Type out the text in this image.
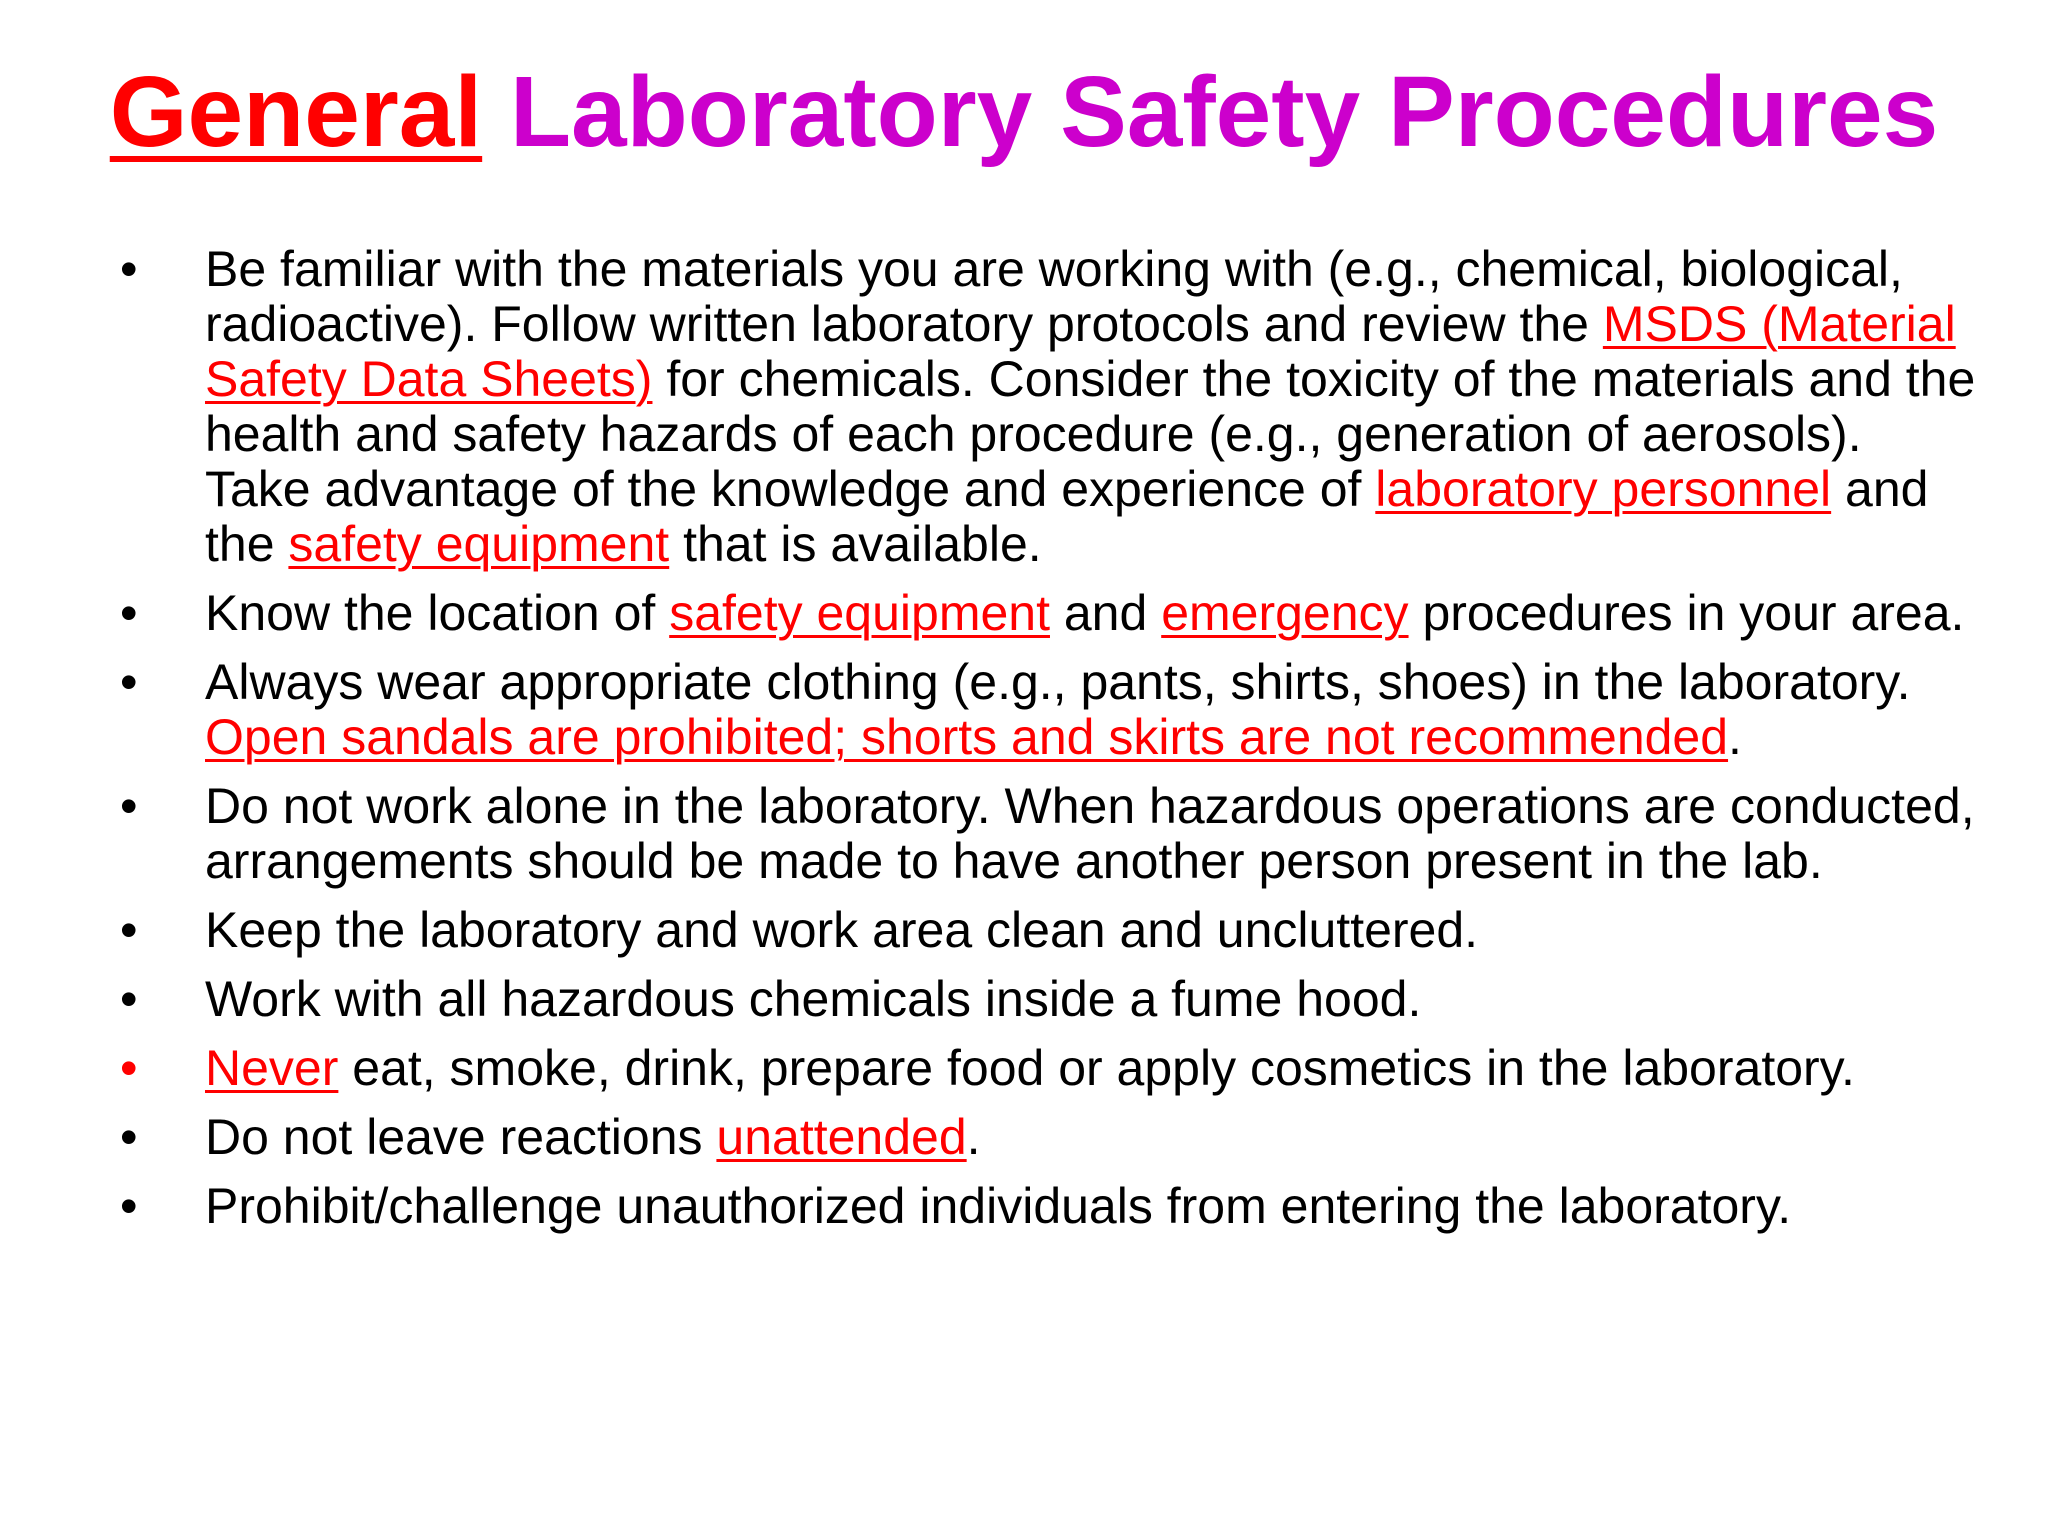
General Laboratory Safety Procedures
•	Be familiar with the materials you are working with (e.g., chemical, biological, radioactive). Follow written laboratory protocols and review the MSDS (Material Safety Data Sheets) for chemicals. Consider the toxicity of the materials and the health and safety hazards of each procedure (e.g., generation of aerosols). Take advantage of the knowledge and experience of laboratory personnel and the safety equipment that is available.
•	Know the location of safety equipment and emergency procedures in your area.
•	Always wear appropriate clothing (e.g., pants, shirts, shoes) in the laboratory. Open sandals are prohibited; shorts and skirts are not recommended.
•	Do not work alone in the laboratory. When hazardous operations are conducted, arrangements should be made to have another person present in the lab.
•	Keep the laboratory and work area clean and uncluttered.
•	Work with all hazardous chemicals inside a fume hood.
•	Never eat, smoke, drink, prepare food or apply cosmetics in the laboratory.
•	Do not leave reactions unattended.
•	Prohibit/challenge unauthorized individuals from entering the laboratory.
